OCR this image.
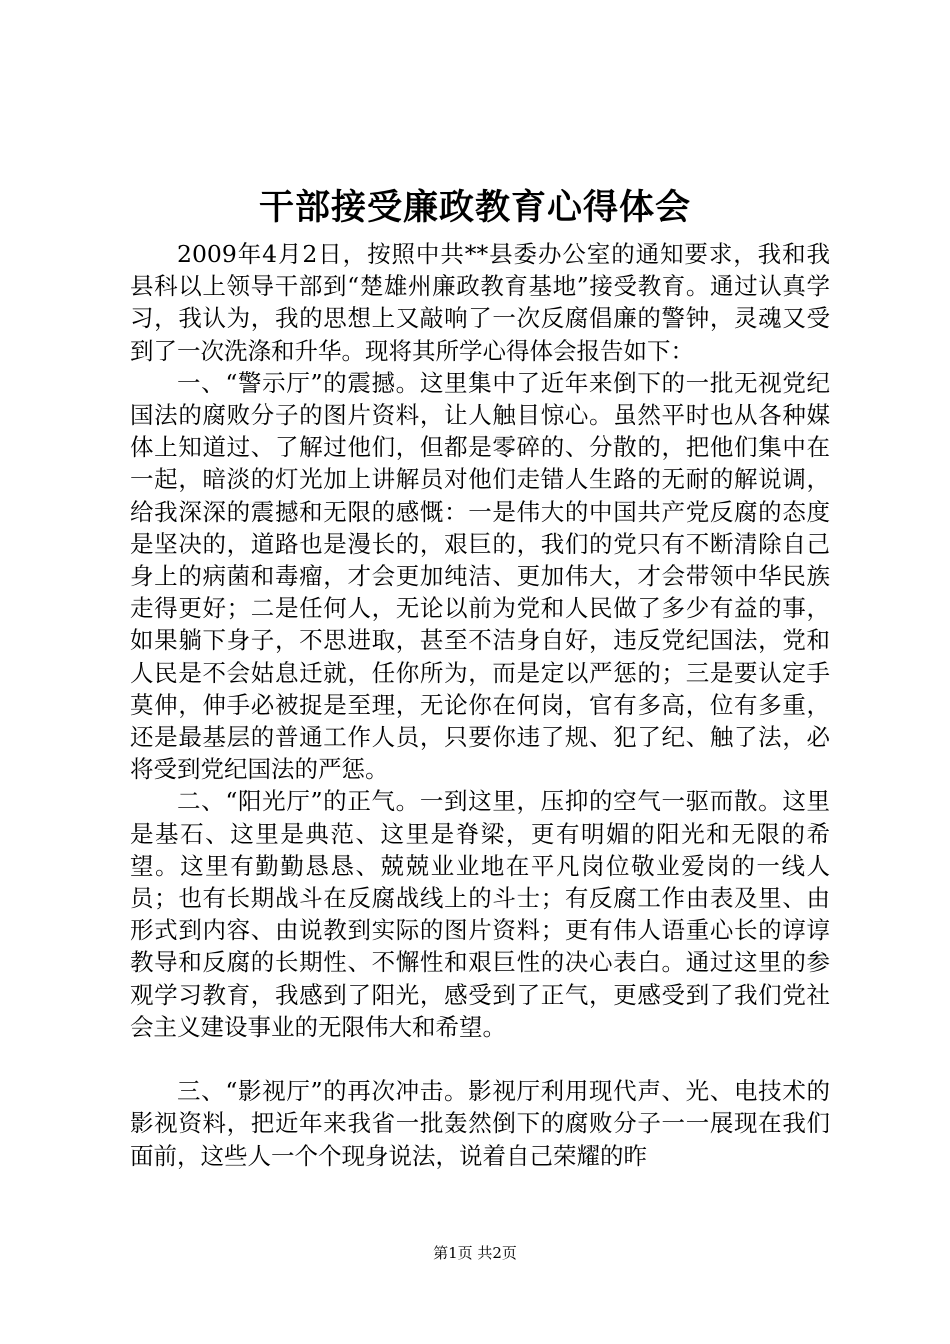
干部接受廉政教育心得体会

2009年4月2日，按照中共**县委办公室的通知要求，我和我县科以上领导干部到“楚雄州廉政教育基地”接受教育。通过认真学习，我认为，我的思想上又敲响了一次反腐倡廉的警钟，灵魂又受到了一次洗涤和升华。现将其所学心得体会报告如下：

一、“警示厅”的震撼。这里集中了近年来倒下的一批无视党纪国法的腐败分子的图片资料，让人触目惊心。虽然平时也从各种媒体上知道过、了解过他们，但都是零碎的、分散的，把他们集中在一起，暗淡的灯光加上讲解员对他们走错人生路的无耐的解说调，给我深深的震撼和无限的感慨：一是伟大的中国共产党反腐的态度是坚决的，道路也是漫长的，艰巨的，我们的党只有不断清除自己身上的病菌和毒瘤，才会更加纯洁、更加伟大，才会带领中华民族走得更好；二是任何人，无论以前为党和人民做了多少有益的事，如果躺下身子，不思进取，甚至不洁身自好，违反党纪国法，党和人民是不会姑息迁就，任你所为，而是定以严惩的；三是要认定手莫伸，伸手必被捉是至理，无论你在何岗，官有多高，位有多重，还是最基层的普通工作人员，只要你违了规、犯了纪、触了法，必将受到党纪国法的严惩。

二、“阳光厅”的正气。一到这里，压抑的空气一驱而散。这里是基石、这里是典范、这里是脊梁，更有明媚的阳光和无限的希望。这里有勤勤恳恳、兢兢业业地在平凡岗位敬业爱岗的一线人员；也有长期战斗在反腐战线上的斗士；有反腐工作由表及里、由形式到内容、由说教到实际的图片资料；更有伟人语重心长的谆谆教导和反腐的长期性、不懈性和艰巨性的决心表白。通过这里的参观学习教育，我感到了阳光，感受到了正气，更感受到了我们党社会主义建设事业的无限伟大和希望。

三、“影视厅”的再次冲击。影视厅利用现代声、光、电技术的影视资料，把近年来我省一批轰然倒下的腐败分子一一展现在我们面前，这些人一个个现身说法，说着自己荣耀的昨

第1页 共2页
